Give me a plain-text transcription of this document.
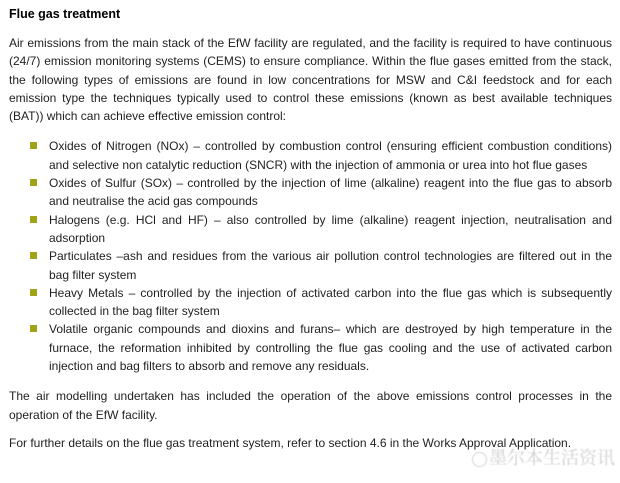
Flue gas treatment

Air emissions from the main stack of the EfW facility are regulated, and the facility is required to have continuous (24/7) emission monitoring systems (CEMS) to ensure compliance. Within the flue gases emitted from the stack, the following types of emissions are found in low concentrations for MSW and C&I feedstock and for each emission type the techniques typically used to control these emissions (known as best available techniques (BAT)) which can achieve effective emission control:

Oxides of Nitrogen (NOx) – controlled by combustion control (ensuring efficient combustion conditions) and selective non catalytic reduction (SNCR) with the injection of ammonia or urea into hot flue gases
Oxides of Sulfur (SOx) – controlled by the injection of lime (alkaline) reagent into the flue gas to absorb and neutralise the acid gas compounds
Halogens (e.g. HCl and HF) – also controlled by lime (alkaline) reagent injection, neutralisation and adsorption
Particulates –ash and residues from the various air pollution control technologies are filtered out in the bag filter system
Heavy Metals – controlled by the injection of activated carbon into the flue gas which is subsequently collected in the bag filter system
Volatile organic compounds and dioxins and furans– which are destroyed by high temperature in the furnace, the reformation inhibited by controlling the flue gas cooling and the use of activated carbon injection and bag filters to absorb and remove any residuals.

The air modelling undertaken has included the operation of the above emissions control processes in the operation of the EfW facility.

For further details on the flue gas treatment system, refer to section 4.6 in the Works Approval Application.

墨尔本生活资讯
